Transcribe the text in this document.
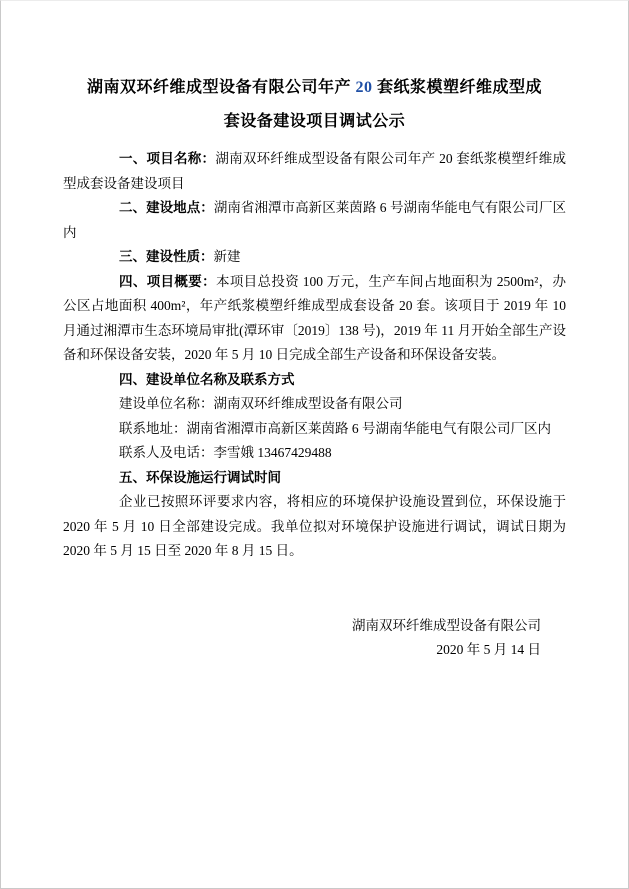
湖南双环纤维成型设备有限公司年产 20 套纸浆模塑纤维成型成
套设备建设项目调试公示

一、项目名称：湖南双环纤维成型设备有限公司年产 20 套纸浆模塑纤维成型成套设备建设项目

二、建设地点：湖南省湘潭市高新区莱茵路 6 号湖南华能电气有限公司厂区内

三、建设性质：新建

四、项目概要：本项目总投资 100 万元，生产车间占地面积为 2500m²，办公区占地面积 400m²，年产纸浆模塑纤维成型成套设备 20 套。该项目于 2019 年 10 月通过湘潭市生态环境局审批(潭环审〔2019〕138 号)，2019 年 11 月开始全部生产设备和环保设备安装，2020 年 5 月 10 日完成全部生产设备和环保设备安装。

四、建设单位名称及联系方式

建设单位名称：湖南双环纤维成型设备有限公司

联系地址：湖南省湘潭市高新区莱茵路 6 号湖南华能电气有限公司厂区内

联系人及电话：李雪娥 13467429488

五、环保设施运行调试时间

企业已按照环评要求内容，将相应的环境保护设施设置到位，环保设施于 2020 年 5 月 10 日全部建设完成。我单位拟对环境保护设施进行调试，调试日期为 2020 年 5 月 15 日至 2020 年 8 月 15 日。

湖南双环纤维成型设备有限公司

2020 年 5 月 14 日
